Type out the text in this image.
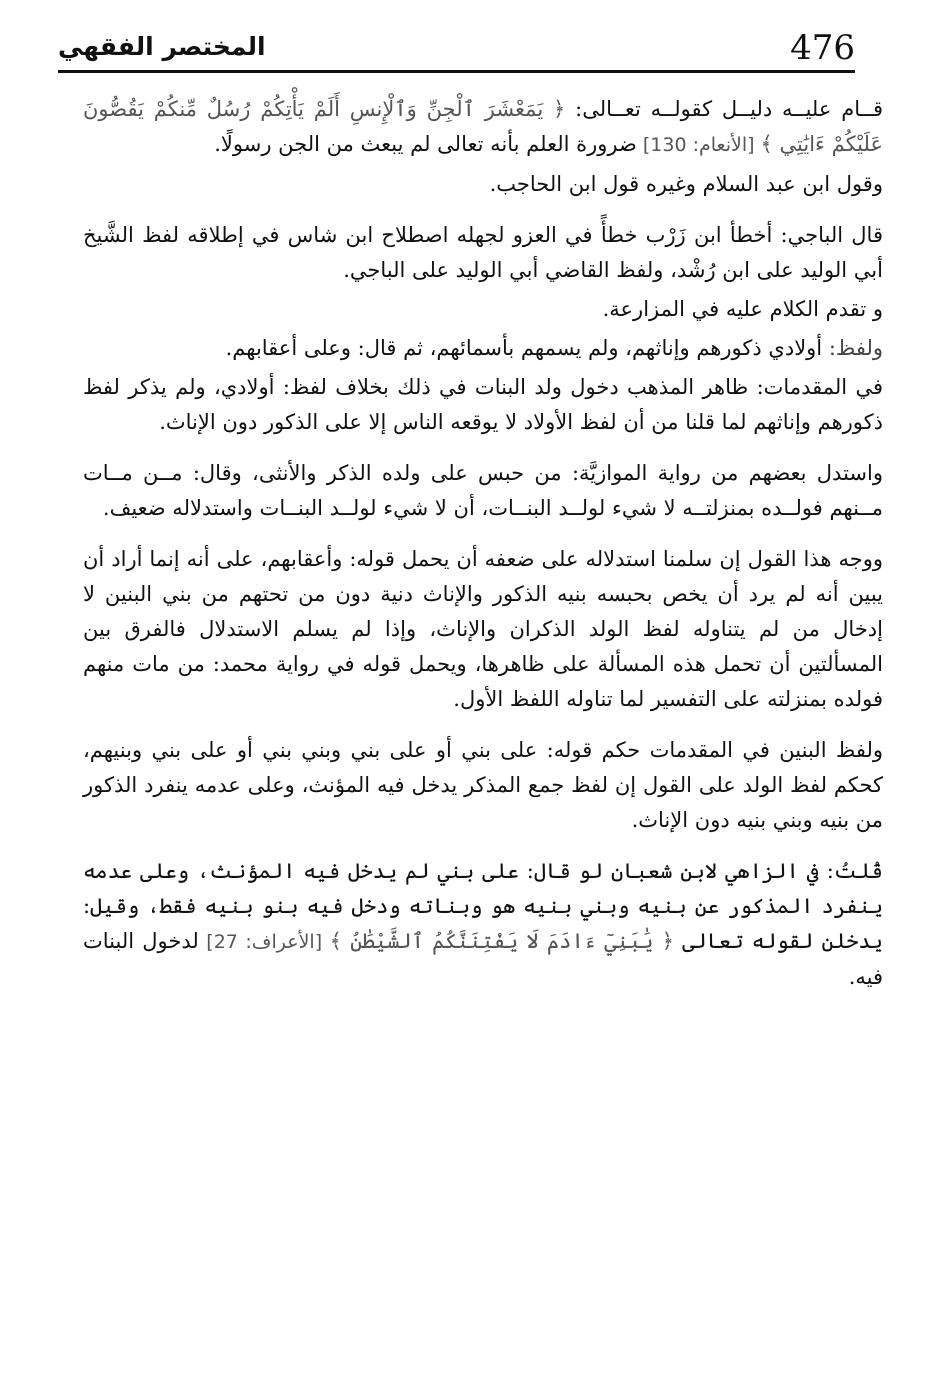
476
المختصر الفقهي

قــام عليــه دليــل كقولــه تعــالى: ﴿ يَمَعْشَرَ ٱلْجِنِّ وَٱلْإِنسِ أَلَمْ يَأْتِكُمْ رُسُلٌ مِّنكُمْ يَقُصُّونَ عَلَيْكُمْ ءَايَٰتِي ﴾ [الأنعام: 130] ضرورة العلم بأنه تعالى لم يبعث من الجن رسولًا.

وقول ابن عبد السلام وغيره قول ابن الحاجب.

قال الباجي: أخطأ ابن زَرْب خطأً في العزو لجهله اصطلاح ابن شاس في إطلاقه لفظ الشَّيخ أبي الوليد على ابن رُشْد، ولفظ القاضي أبي الوليد على الباجي.

و تقدم الكلام عليه في المزارعة.

ولفظ: أولادي ذكورهم وإناثهم، ولم يسمهم بأسمائهم، ثم قال: وعلى أعقابهم.

في المقدمات: ظاهر المذهب دخول ولد البنات في ذلك بخلاف لفظ: أولادي، ولم يذكر لفظ ذكورهم وإناثهم لما قلنا من أن لفظ الأولاد لا يوقعه الناس إلا على الذكور دون الإناث.

واستدل بعضهم من رواية الموازيَّة: من حبس على ولده الذكر والأنثى، وقال: مــن مــات مــنهم فولــده بمنزلتــه لا شيء لولــد البنــات، أن لا شيء لولــد البنــات واستدلاله ضعيف.

ووجه هذا القول إن سلمنا استدلاله على ضعفه أن يحمل قوله: وأعقابهم، على أنه إنما أراد أن يبين أنه لم يرد أن يخص بحبسه بنيه الذكور والإناث دنية دون من تحتهم من بني البنين لا إدخال من لم يتناوله لفظ الولد الذكران والإناث، وإذا لم يسلم الاستدلال فالفرق بين المسألتين أن تحمل هذه المسألة على ظاهرها، ويحمل قوله في رواية محمد: من مات منهم فولده بمنزلته على التفسير لما تناوله اللفظ الأول.

ولفظ البنين في المقدمات حكم قوله: على بني أو على بني وبني بني أو على بني وبنيهم، كحكم لفظ الولد على القول إن لفظ جمع المذكر يدخل فيه المؤنث، وعلى عدمه ينفرد الذكور من بنيه وبني بنيه دون الإناث.

قُلتُ: في الزاهي لابن شعبان لو قال: على بني لم يدخل فيه المؤنث، وعلى عدمه ينفرد المذكور عن بنيه وبني بنيه هو وبناته ودخل فيه بنو بنيه فقط، وقيل: يدخلن لقوله تعالى ﴿ يَٰبَنِيٓ ءَادَمَ لَا يَفْتِنَنَّكُمُ ٱلشَّيْطَٰنُ ﴾ [الأعراف: 27] لدخول البنات فيه.
